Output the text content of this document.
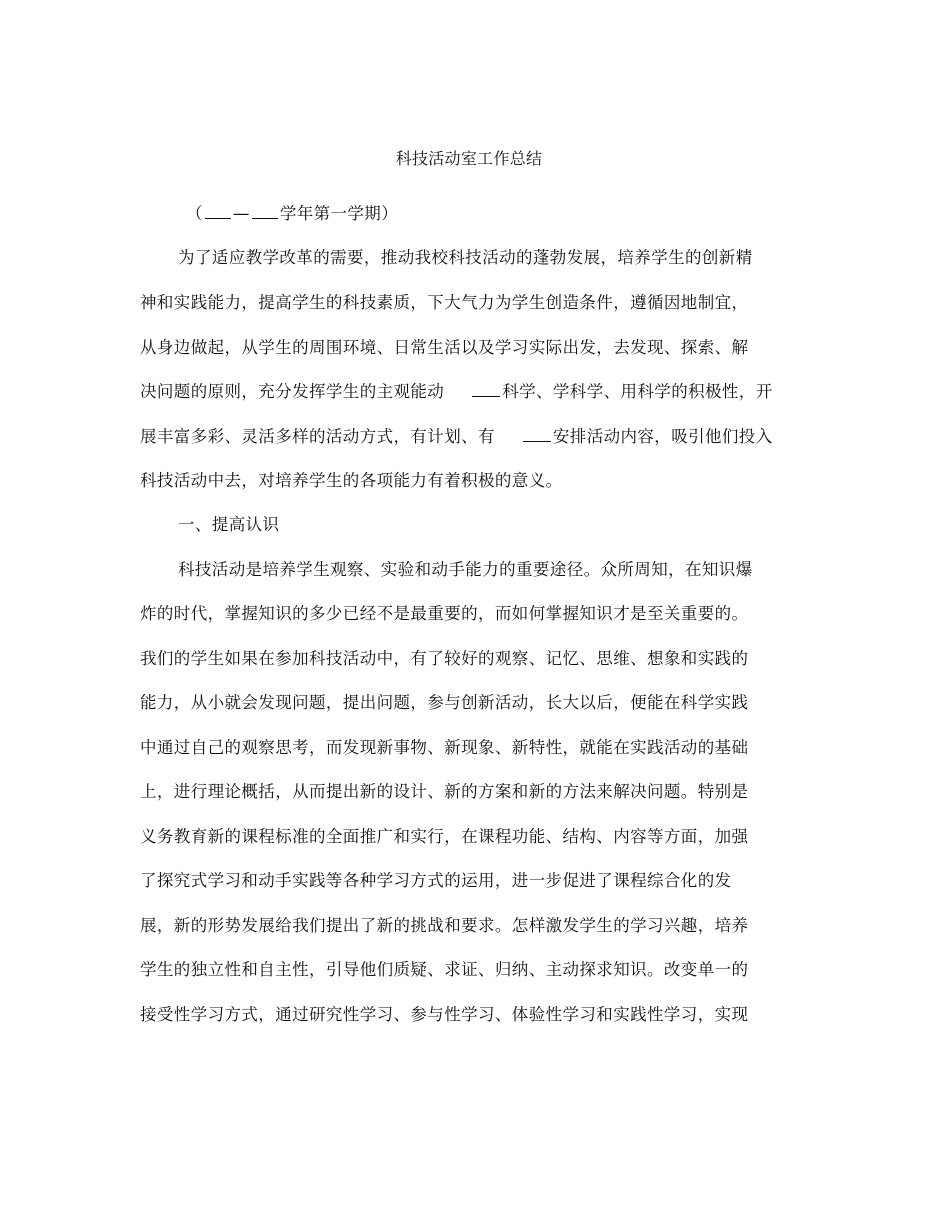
科技活动室工作总结
（ — 学年第一学期）
为了适应教学改革的需要，推动我校科技活动的蓬勃发展，培养学生的创新精
神和实践能力，提高学生的科技素质，下大气力为学生创造条件，遵循因地制宜，
从身边做起，从学生的周围环境、日常生活以及学习实际出发，去发现、探索、解
决问题的原则，充分发挥学生的主观能动	科学、学科学、用科学的积极性，开
展丰富多彩、灵活多样的活动方式，有计划、有	安排活动内容，吸引他们投入
科技活动中去，对培养学生的各项能力有着积极的意义。
一、提高认识
科技活动是培养学生观察、实验和动手能力的重要途径。众所周知，在知识爆
炸的时代，掌握知识的多少已经不是最重要的，而如何掌握知识才是至关重要的。
我们的学生如果在参加科技活动中，有了较好的观察、记忆、思维、想象和实践的
能力，从小就会发现问题，提出问题，参与创新活动，长大以后，便能在科学实践
中通过自己的观察思考，而发现新事物、新现象、新特性，就能在实践活动的基础
上，进行理论概括，从而提出新的设计、新的方案和新的方法来解决问题。特别是
义务教育新的课程标准的全面推广和实行，在课程功能、结构、内容等方面，加强
了探究式学习和动手实践等各种学习方式的运用，进一步促进了课程综合化的发
展，新的形势发展给我们提出了新的挑战和要求。怎样激发学生的学习兴趣，培养
学生的独立性和自主性，引导他们质疑、求证、归纳、主动探求知识。改变单一的
接受性学习方式，通过研究性学习、参与性学习、体验性学习和实践性学习，实现
